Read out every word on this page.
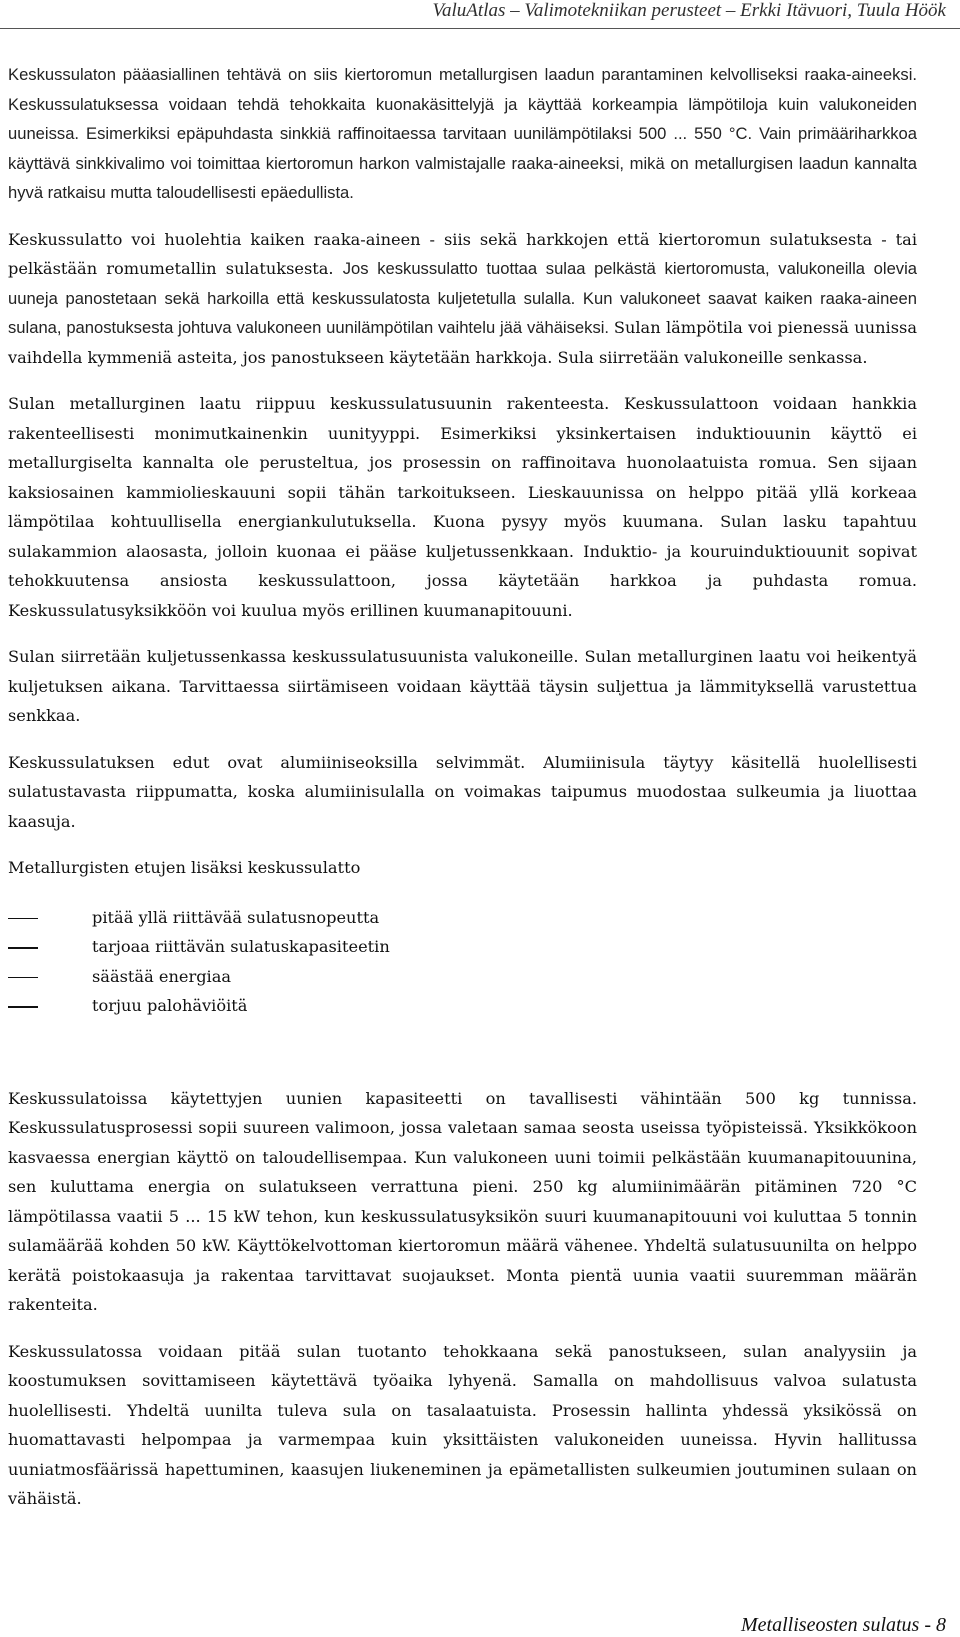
ValuAtlas – Valimotekniikan perusteet – Erkki Itävuori, Tuula Höök

Keskussulaton pääasiallinen tehtävä on siis kiertoromun metallurgisen laadun parantaminen kelvolliseksi raaka-aineeksi. Keskussulatuksessa voidaan tehdä tehokkaita kuonakäsittelyjä ja käyttää korkeampia lämpötiloja kuin valukoneiden uuneissa. Esimerkiksi epäpuhdasta sinkkiä raffinoitaessa tarvitaan uunilämpötilaksi 500 ... 550 °C. Vain primääriharkkoa käyttävä sinkkivalimo voi toimittaa kiertoromun harkon valmistajalle raaka-aineeksi, mikä on metallurgisen laadun kannalta hyvä ratkaisu mutta taloudellisesti epäedullista.

Keskussulatto voi huolehtia kaiken raaka-aineen - siis sekä harkkojen että kiertoromun sulatuksesta - tai pelkästään romumetallin sulatuksesta. Jos keskussulatto tuottaa sulaa pelkästä kiertoromusta, valukoneilla olevia uuneja panostetaan sekä harkoilla että keskussulatosta kuljetetulla sulalla. Kun valukoneet saavat kaiken raaka-aineen sulana, panostuksesta johtuva valukoneen uunilämpötilan vaihtelu jää vähäiseksi. Sulan lämpötila voi pienessä uunissa vaihdella kymmeniä asteita, jos panostukseen käytetään harkkoja. Sula siirretään valukoneille senkassa.

Sulan metallurginen laatu riippuu keskussulatusuunin rakenteesta. Keskussulattoon voidaan hankkia rakenteellisesti monimutkainenkin uunityyppi. Esimerkiksi yksinkertaisen induktiouunin käyttö ei metallurgiselta kannalta ole perusteltua, jos prosessin on raffinoitava huonolaatuista romua. Sen sijaan kaksiosainen kammiolieskauuni sopii tähän tarkoitukseen. Lieskauunissa on helppo pitää yllä korkeaa lämpötilaa kohtuullisella energiankulutuksella. Kuona pysyy myös kuumana. Sulan lasku tapahtuu sulakammion alaosasta, jolloin kuonaa ei pääse kuljetussenkkaan. Induktio- ja kouruinduktiouunit sopivat tehokkuutensa ansiosta keskussulattoon, jossa käytetään harkkoa ja puhdasta romua. Keskussulatusyksikköön voi kuulua myös erillinen kuumanapitouuni.

Sulan siirretään kuljetussenkassa keskussulatusuunista valukoneille. Sulan metallurginen laatu voi heikentyä kuljetuksen aikana. Tarvittaessa siirtämiseen voidaan käyttää täysin suljettua ja lämmityksellä varustettua senkkaa.

Keskussulatuksen edut ovat alumiiniseoksilla selvimmät. Alumiinisula täytyy käsitellä huolellisesti sulatustavasta riippumatta, koska alumiinisulalla on voimakas taipumus muodostaa sulkeumia ja liuottaa kaasuja.

Metallurgisten etujen lisäksi keskussulatto

pitää yllä riittävää sulatusnopeutta
tarjoaa riittävän sulatuskapasiteetin
säästää energiaa
torjuu palohäviöitä

Keskussulatoissa käytettyjen uunien kapasiteetti on tavallisesti vähintään 500 kg tunnissa. Keskussulatusprosessi sopii suureen valimoon, jossa valetaan samaa seosta useissa työpisteissä. Yksikkökoon kasvaessa energian käyttö on taloudellisempaa. Kun valukoneen uuni toimii pelkästään kuumanapitouunina, sen kuluttama energia on sulatukseen verrattuna pieni. 250 kg alumiinimäärän pitäminen 720 °C lämpötilassa vaatii 5 ... 15 kW tehon, kun keskussulatusyksikön suuri kuumanapitouuni voi kuluttaa 5 tonnin sulamäärää kohden 50 kW. Käyttökelvottoman kiertoromun määrä vähenee. Yhdeltä sulatusuunilta on helppo kerätä poistokaasuja ja rakentaa tarvittavat suojaukset. Monta pientä uunia vaatii suuremman määrän rakenteita.

Keskussulatossa voidaan pitää sulan tuotanto tehokkaana sekä panostukseen, sulan analyysiin ja koostumuksen sovittamiseen käytettävä työaika lyhyenä. Samalla on mahdollisuus valvoa sulatusta huolellisesti. Yhdeltä uunilta tuleva sula on tasalaatuista. Prosessin hallinta yhdessä yksikössä on huomattavasti helpompaa ja varmempaa kuin yksittäisten valukoneiden uuneissa. Hyvin hallitussa uuniatmosfäärissä hapettuminen, kaasujen liukeneminen ja epämetallisten sulkeumien joutuminen sulaan on vähäistä.

Metalliseosten sulatus - 8
